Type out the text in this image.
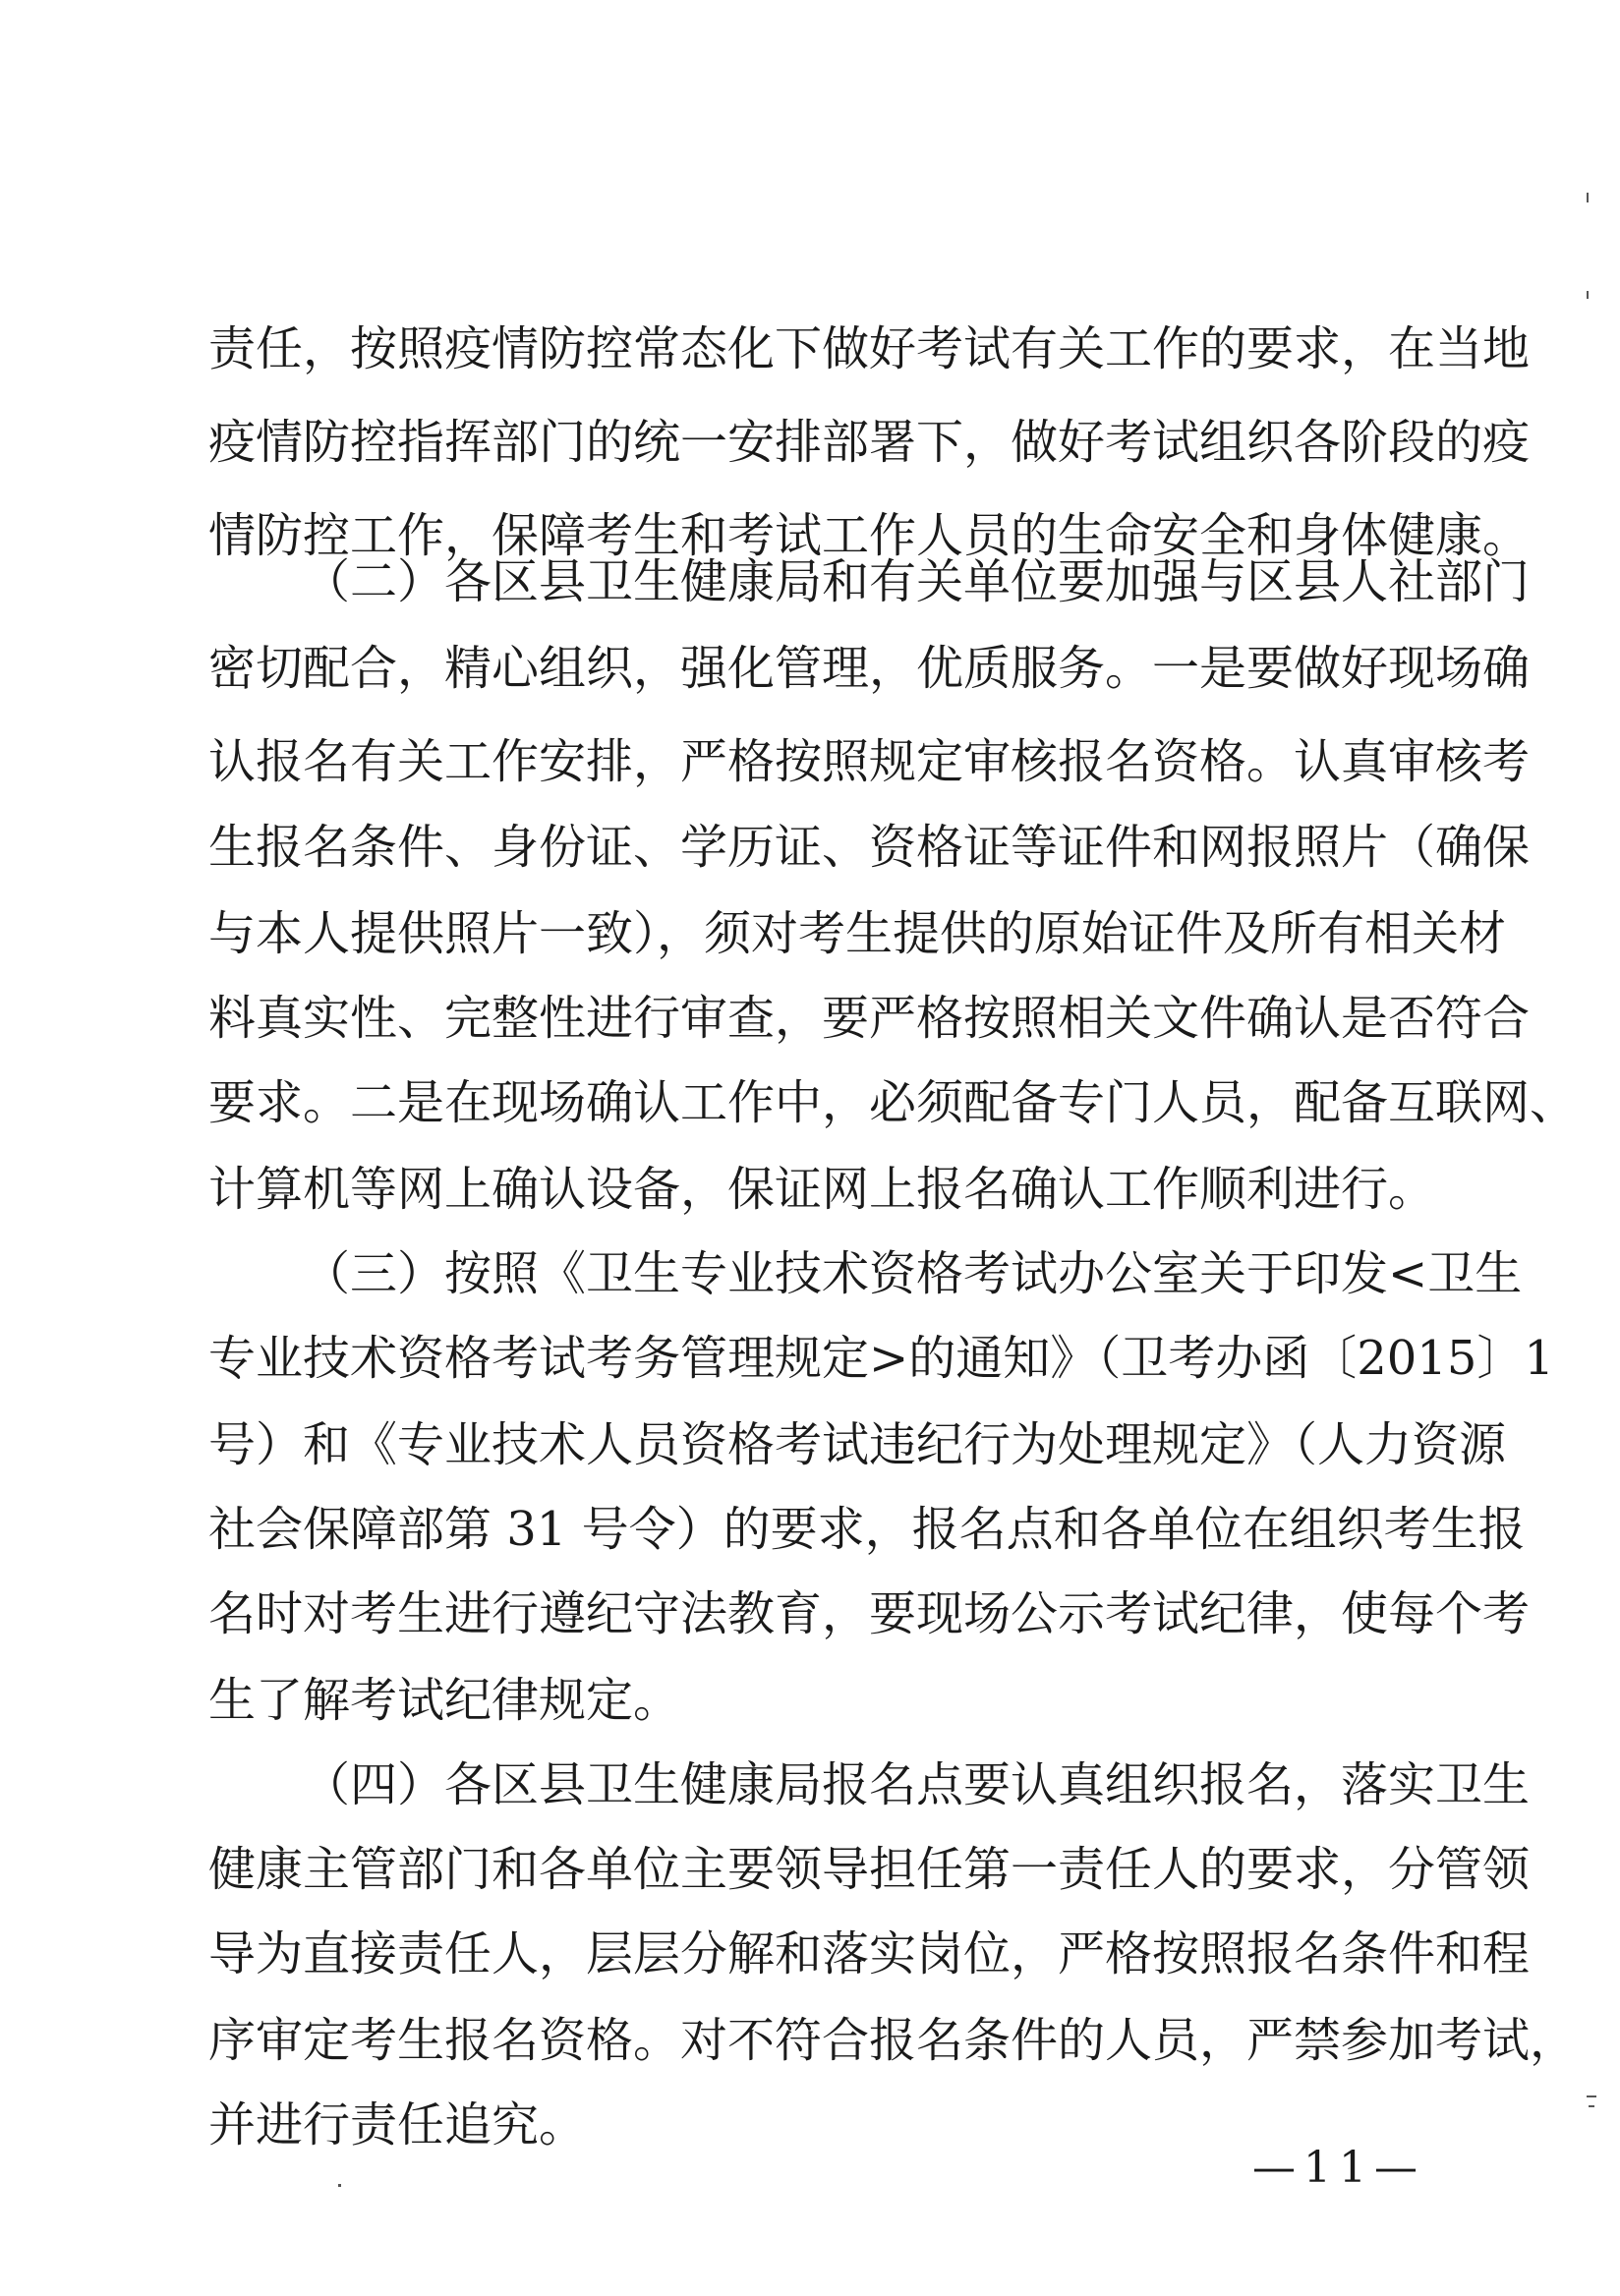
责任，按照疫情防控常态化下做好考试有关工作的要求，在当地
疫情防控指挥部门的统一安排部署下，做好考试组织各阶段的疫
情防控工作，保障考生和考试工作人员的生命安全和身体健康。
（二）各区县卫生健康局和有关单位要加强与区县人社部门
密切配合，精心组织，强化管理，优质服务。一是要做好现场确
认报名有关工作安排，严格按照规定审核报名资格。认真审核考
生报名条件、身份证、学历证、资格证等证件和网报照片（确保
与本人提供照片一致），须对考生提供的原始证件及所有相关材
料真实性、完整性进行审查，要严格按照相关文件确认是否符合
要求。二是在现场确认工作中，必须配备专门人员，配备互联网、
计算机等网上确认设备，保证网上报名确认工作顺利进行。
（三）按照《卫生专业技术资格考试办公室关于印发<卫生
专业技术资格考试考务管理规定>的通知》（卫考办函〔2015〕1
号）和《专业技术人员资格考试违纪行为处理规定》（人力资源
社会保障部第 31 号令）的要求，报名点和各单位在组织考生报
名时对考生进行遵纪守法教育，要现场公示考试纪律，使每个考
生了解考试纪律规定。
（四）各区县卫生健康局报名点要认真组织报名，落实卫生
健康主管部门和各单位主要领导担任第一责任人的要求，分管领
导为直接责任人，层层分解和落实岗位，严格按照报名条件和程
序审定考生报名资格。对不符合报名条件的人员，严禁参加考试，
并进行责任追究。
—11—
